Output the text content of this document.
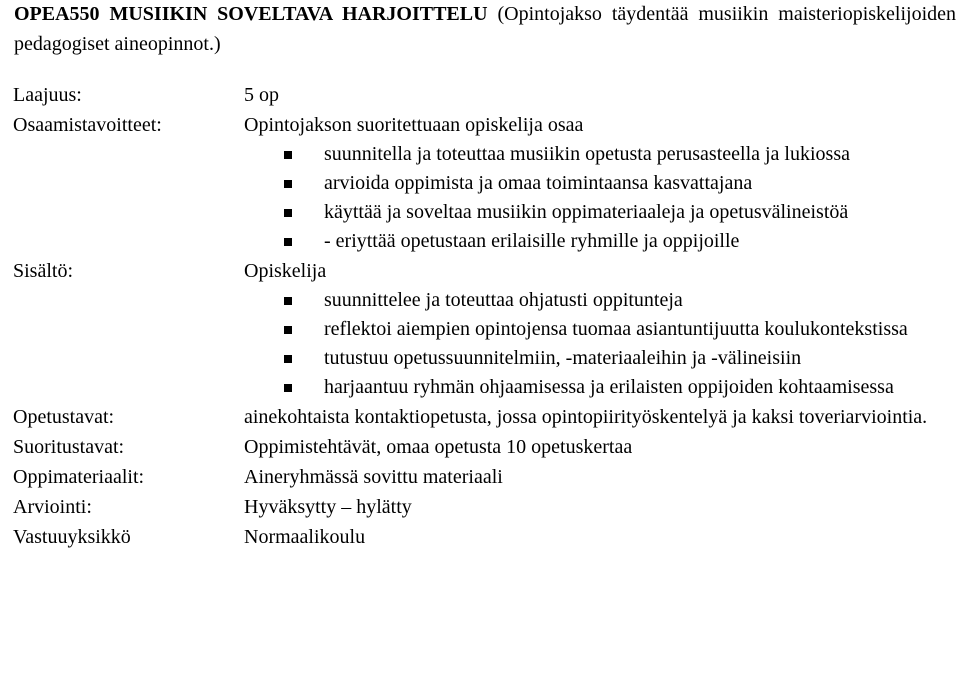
OPEA550 MUSIIKIN SOVELTAVA HARJOITTELU (Opintojakso täydentää musiikin maisteriopiskelijoiden pedagogiset aineopinnot.)

Laajuus:	5 op
Osaamistavoitteet:	Opintojakson suoritettuaan opiskelija osaa
suunnitella ja toteuttaa musiikin opetusta perusasteella ja lukiossa
arvioida oppimista ja omaa toimintaansa kasvattajana
käyttää ja soveltaa musiikin oppimateriaaleja ja opetusvälineistöä
- eriyttää opetustaan erilaisille ryhmille ja oppijoille
Sisältö:	Opiskelija
suunnittelee ja toteuttaa ohjatusti oppitunteja
reflektoi aiempien opintojensa tuomaa asiantuntijuutta koulukontekstissa
tutustuu opetussuunnitelmiin, -materiaaleihin ja -välineisiin
harjaantuu ryhmän ohjaamisessa ja erilaisten oppijoiden kohtaamisessa
Opetustavat:	ainekohtaista kontaktiopetusta, jossa opintopiirityöskentelyä ja kaksi toveriarviointia.
Suoritustavat:	Oppimistehtävät, omaa opetusta 10 opetuskertaa
Oppimateriaalit:	Aineryhmässä sovittu materiaali
Arviointi:	Hyväksytty – hylätty
Vastuuyksikkö	Normaalikoulu
